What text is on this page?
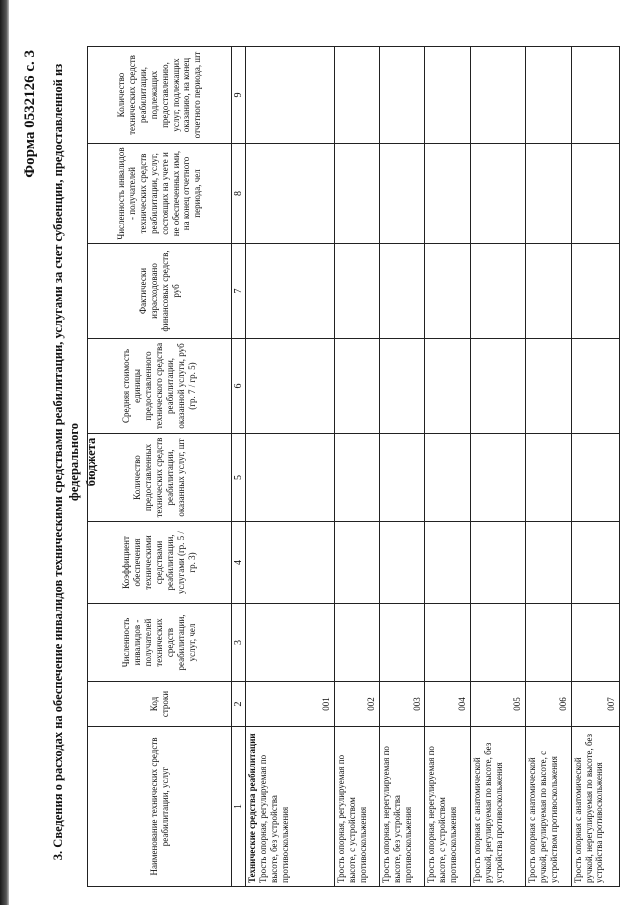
Форма 0532126 с. 3 3. Сведения о расходах на обеспечение инвалидов техническими средствами реабилитации, услугами за счет субвенции, предоставленной из федерального бюджета
Наименование технических средств реабилитации, услуг	Код строки	Численность инвалидов - получателей технических средств реабилитации, услуг, чел	Коэффициент обеспечения техническими средствами реабилитации, услугами (гр. 5 / гр. 3)	Количество предоставленных технических средств реабилитации, оказанных услуг, шт	Средняя стоимость единицы предоставленного технического средства реабилитации, оказанной услуги, руб (гр. 7 / гр. 5)	Фактически израсходовано финансовых средств, руб	Численность инвалидов - получателей технических средств реабилитации, услуг, состоящих на учете и не обеспеченных ими, на конец отчетного периода, чел	Количество технических средств реабилитации, подлежащих предоставлению, услуг, подлежащих оказанию, на конец отчетного периода, шт
1	2	3	4	5	6	7	8	9

Технические средства реабилитации Трость опорная, регулируемая по высоте, без устройства противоскольжения	001							
Трость опорная, регулируемая по высоте, с устройством противоскольжения	002							
Трость опорная, нерегулируемая по высоте, без устройства противоскольжения	003							
Трость опорная, нерегулируемая по высоте, с устройством противоскольжения	004							
Трость опорная с анатомической ручкой, регулируемая по высоте, без устройства противоскольжения	005							
Трость опорная с анатомической ручкой, регулируемая по высоте, с устройством противоскольжения	006							
Трость опорная с анатомической ручкой, нерегулируемая по высоте, без устройства противоскольжения	007							
